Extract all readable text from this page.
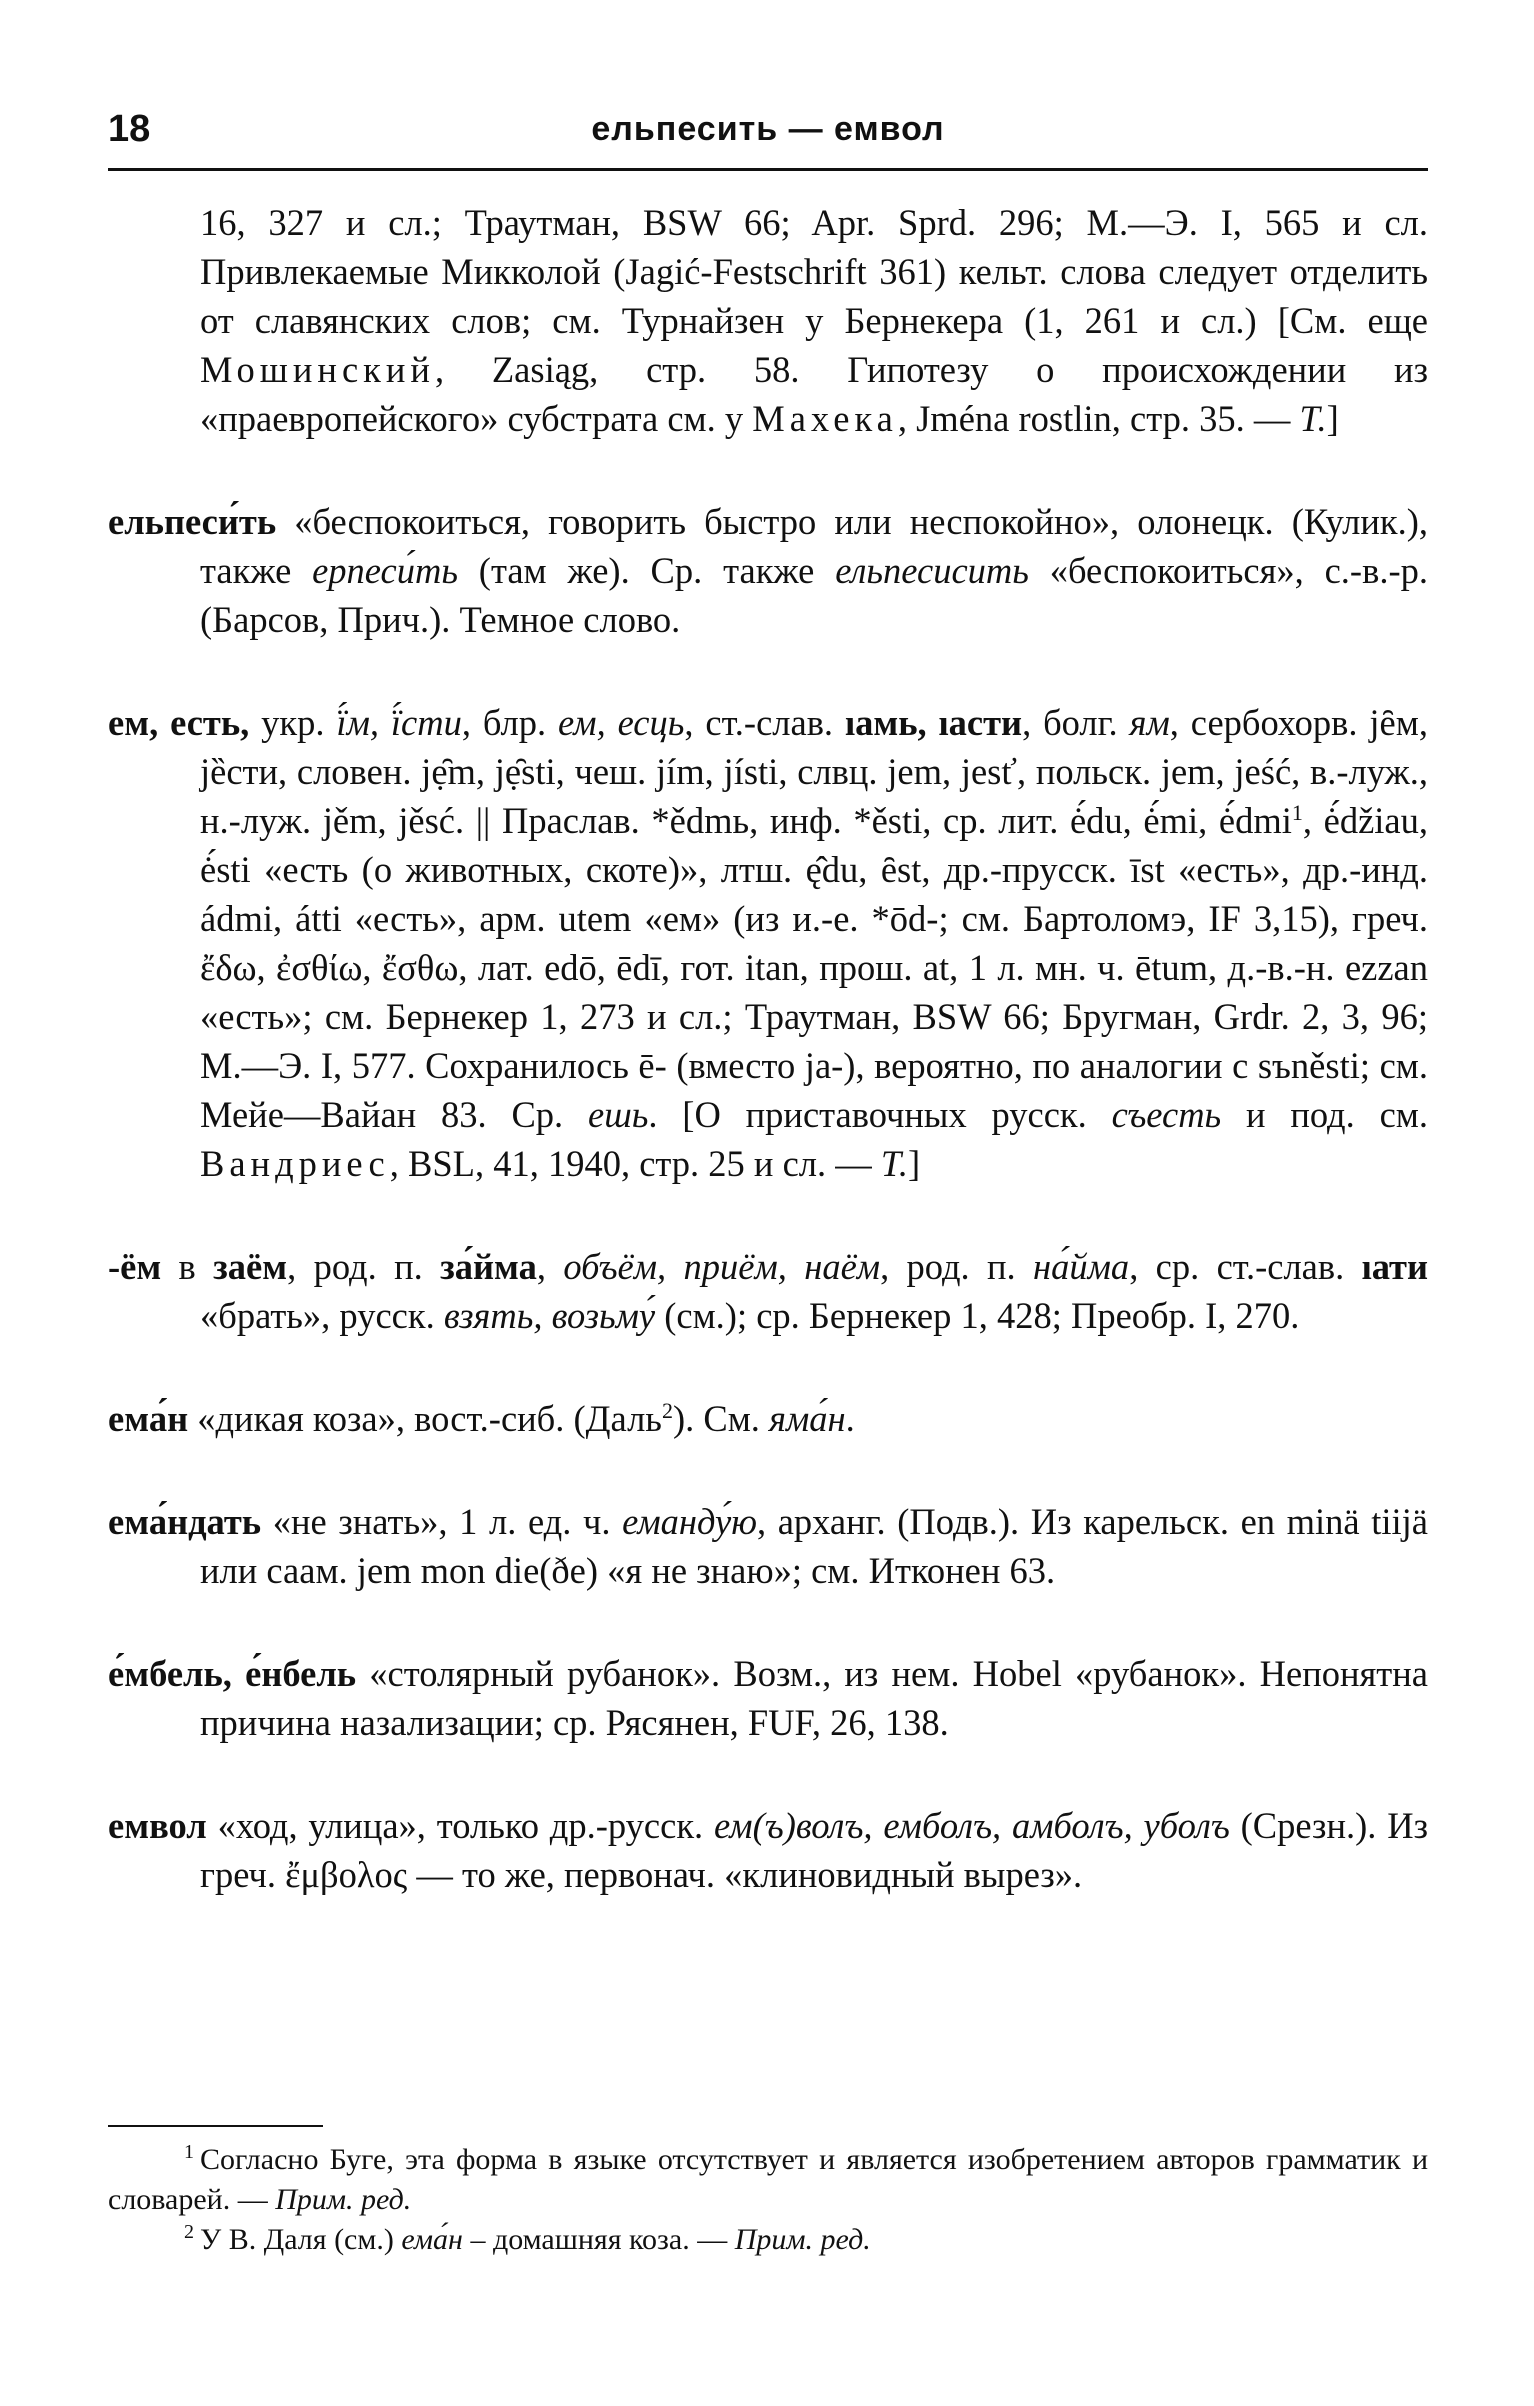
18	ельпесить — емвол

16, 327 и сл.; Траутман, BSW 66; Apr. Sprd. 296; М.—Э. I, 565 и сл. Привлекаемые Микколой (Jagić-Festschrift 361) кельт. слова следует отделить от славянских слов; см. Турнайзен у Бернекера (1, 261 и сл.) [См. еще Мошинский, Zasiąg, стр. 58. Гипотезу о происхождении из «праевропейского» субстрата см. у Махека, Jména rostlin, стр. 35. — Т.]

ельпеси́ть «беспокоиться, говорить быстро или неспокойно», олонецк. (Кулик.), также ерпеси́ть (там же). Ср. также ельпесисить «беспокоиться», с.-в.-р. (Барсов, Прич.). Темное слово.

ем, есть, укр. ї́м, ї́сти, блр. ем, есць, ст.-слав. ıамь, ıасти, болг. ям, сербохорв. jȇм, jȅсти, словен. jẹ̑m, jẹ̑sti, чеш. jím, jísti, слвц. jem, jesť, польск. jem, jeść, в.-луж., н.-луж. jěm, jěsć. || Праслав. *ědmь, инф. *ěsti, ср. лит. ė́du, ė́mi, ė́dmi$^1$, ė́džiau, ė́sti «есть (о животных, скоте)», лтш. ę̂du, ȇst, др.-прусск. īst «есть», др.-инд. ádmi, átti «есть», арм. utem «ем» (из и.-е. *ōd-; см. Бартоломэ, IF 3,15), греч. ἔδω, ἐσθίω, ἔσθω, лат. edō, ēdī, гот. itan, прош. at, 1 л. мн. ч. ētum, д.-в.-н. ezzan «есть»; см. Бернекер 1, 273 и сл.; Траутман, BSW 66; Бругман, Grdr. 2, 3, 96; М.—Э. I, 577. Сохранилось ē- (вместо ja-), вероятно, по аналогии с sъněsti; см. Мейе—Вайан 83. Ср. ешь. [О приставочных русск. съесть и под. см. Вандриес, BSL, 41, 1940, стр. 25 и сл. — Т.]

-ём в заём, род. п. за́йма, объём, приём, наём, род. п. на́йма, ср. ст.-слав. ıати «брать», русск. взять, возьму́ (см.); ср. Бернекер 1, 428; Преобр. I, 270.

ема́н «дикая коза», вост.-сиб. (Даль$^2$). См. яма́н.

ема́ндать «не знать», 1 л. ед. ч. еманду́ю, арханг. (Подв.). Из карельск. en minä tiijä или саам. jem mon die(ðe) «я не знаю»; см. Итконен 63.

е́мбель, е́нбель «столярный рубанок». Возм., из нем. Hobel «рубанок». Непонятна причина назализации; ср. Рясянен, FUF, 26, 138.

емвол «ход, улица», только др.-русск. ем(ъ)волъ, емболъ, амболъ, уболъ (Срезн.). Из греч. ἔμβολος — то же, первонач. «клиновидный вырез».

$^1$ Согласно Буге, эта форма в языке отсутствует и является изобретением авторов грамматик и словарей. — Прим. ред.

$^2$ У В. Даля (см.) ема́н – домашняя коза. — Прим. ред.
